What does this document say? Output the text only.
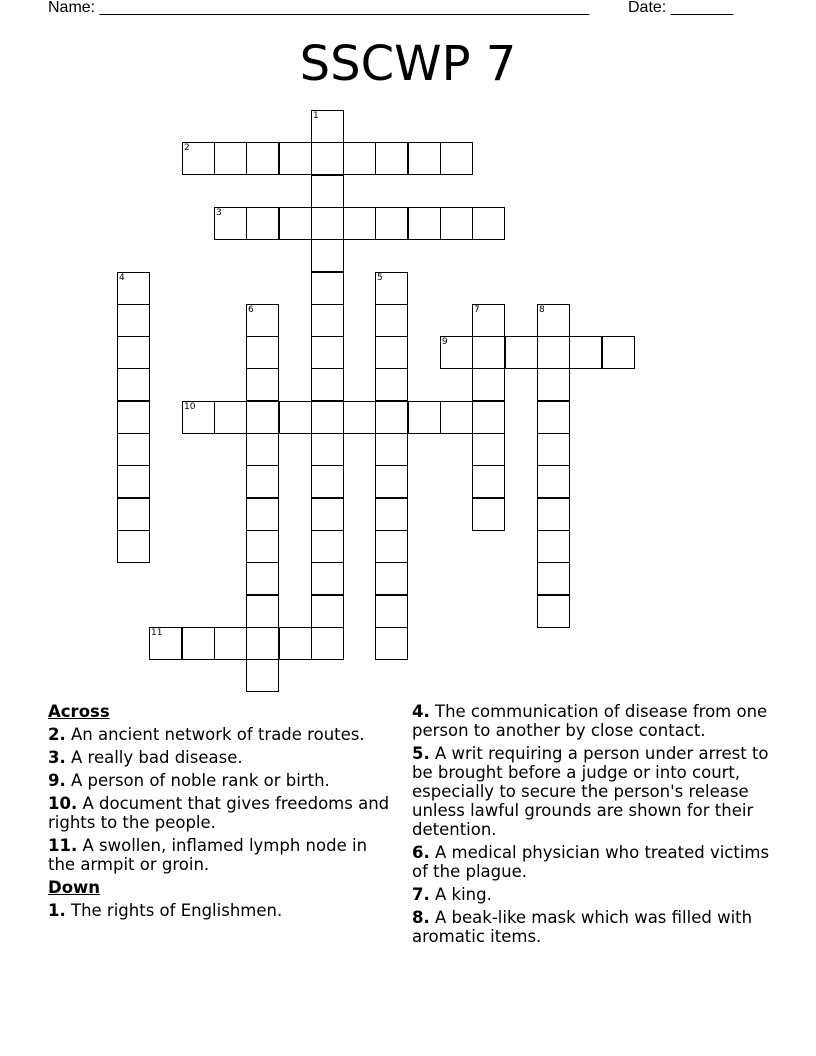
Name: _______________________________________________________	Date: _______
SSCWP 7
1
2
3
4	5
6	7	8
9
10
11
Across
2. An ancient network of trade routes.
3. A really bad disease.
9. A person of noble rank or birth.
10. A document that gives freedoms and rights to the people.
11. A swollen, inflamed lymph node in the armpit or groin.
Down
1. The rights of Englishmen.
4. The communication of disease from one person to another by close contact.
5. A writ requiring a person under arrest to be brought before a judge or into court, especially to secure the person's release unless lawful grounds are shown for their detention.
6. A medical physician who treated victims of the plague.
7. A king.
8. A beak-like mask which was filled with aromatic items.
